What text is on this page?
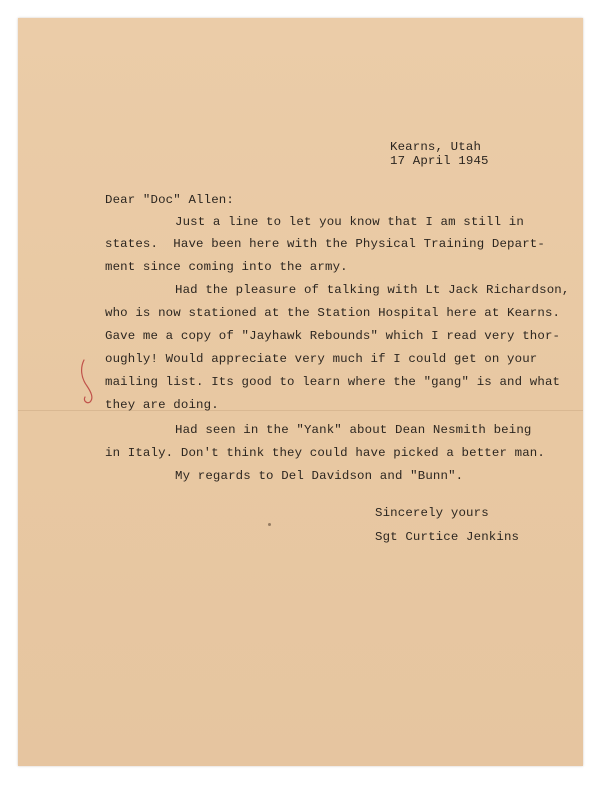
Kearns, Utah
17 April 1945
Dear "Doc" Allen:
Just a line to let you know that I am still in
states.  Have been here with the Physical Training Depart-
ment since coming into the army.
Had the pleasure of talking with Lt Jack Richardson,
who is now stationed at the Station Hospital here at Kearns.
Gave me a copy of "Jayhawk Rebounds" which I read very thor-
oughly! Would appreciate very much if I could get on your
mailing list. Its good to learn where the "gang" is and what
they are doing.
Had seen in the "Yank" about Dean Nesmith being
in Italy. Don't think they could have picked a better man.
My regards to Del Davidson and "Bunn".
Sincerely yours
Sgt Curtice Jenkins
